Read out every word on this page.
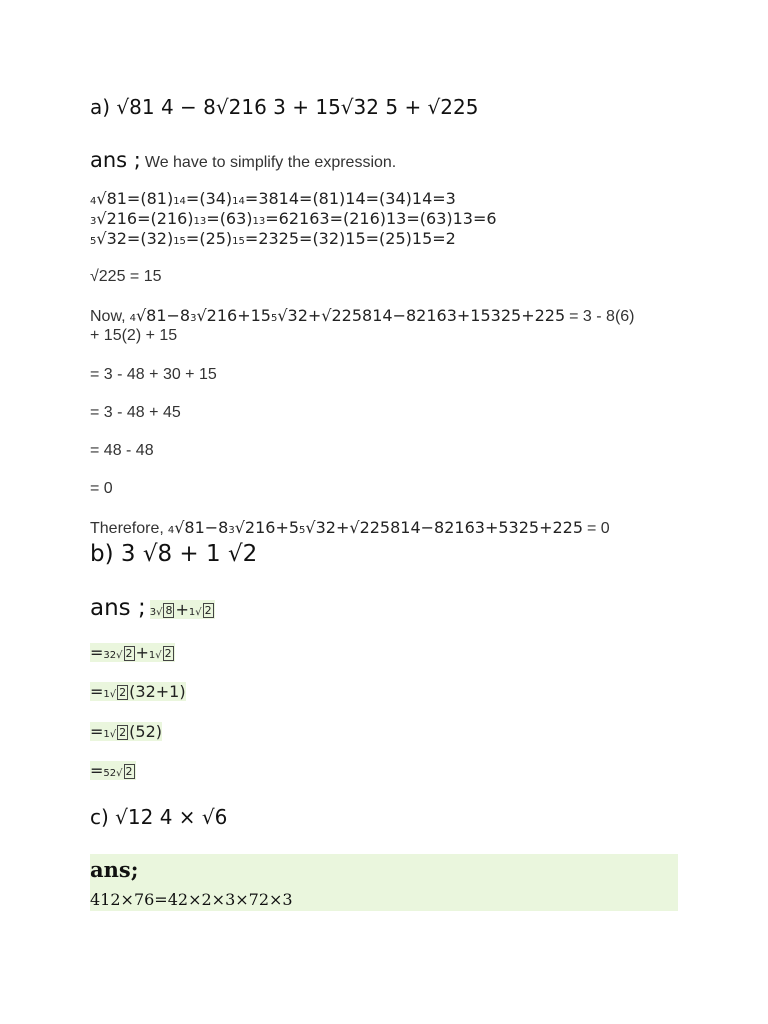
a) √81 4 − 8√216 3 + 15√32 5 + √225
ans ; We have to simplify the expression.
4√81=(81)14=(34)14=3814=(81)14=(34)14=3
3√216=(216)13=(63)13=62163=(216)13=(63)13=6
5√32=(32)15=(25)15=2325=(32)15=(25)15=2
√225 = 15
Now, 4√81−83√216+155√32+√225814−82163+15325+225 = 3 - 8(6)
+ 15(2) + 15
= 3 - 48 + 30 + 15
= 3 - 48 + 45
= 48 - 48
= 0
Therefore, 4√81−83√216+55√32+√225814−82163+5325+225 = 0
b) 3 √8 + 1 √2
ans ; 3√ 8 +1√ 2
=32√ 2 +1√ 2
=1√ 2 (32+1)
=1√ 2 (52)
=52√ 2
c) √12 4 × √6
ans;
412×76=42×2×3×72×3
